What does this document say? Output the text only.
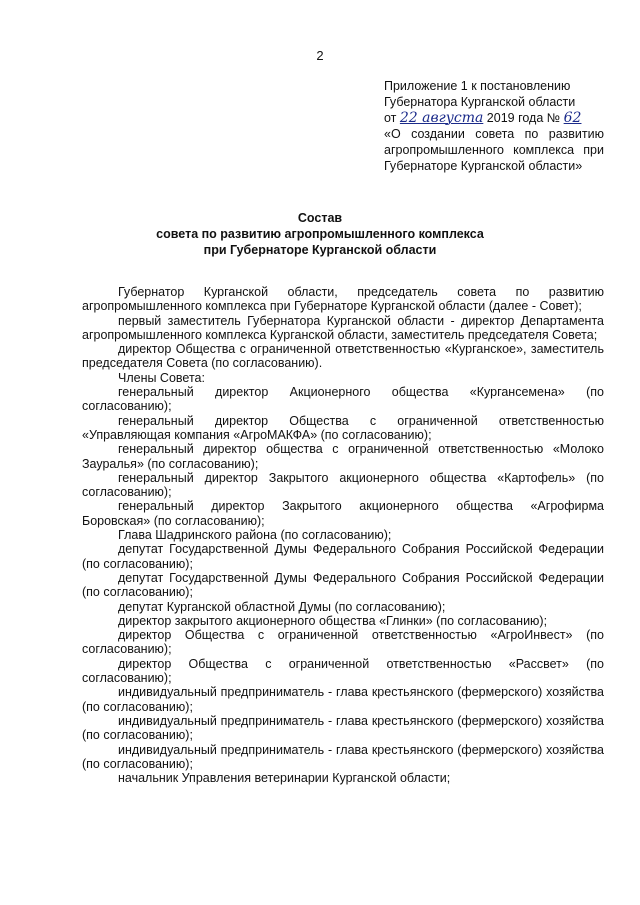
2
Приложение 1 к постановлению
Губернатора Курганской области
от 22 августа 2019 года № 62
«О создании совета по развитию
агропромышленного комплекса при
Губернаторе Курганской области»
Состав
совета по развитию агропромышленного комплекса
при Губернаторе Курганской области

Губернатор Курганской области, председатель совета по развитию агропромышленного комплекса при Губернаторе Курганской области (далее - Совет);

первый заместитель Губернатора Курганской области - директор Департамента агропромышленного комплекса Курганской области, заместитель председателя Совета;

директор Общества с ограниченной ответственностью «Курганское», заместитель председателя Совета (по согласованию).

Члены Совета:

генеральный директор Акционерного общества «Кургансемена» (по согласованию);

генеральный директор Общества с ограниченной ответственностью «Управляющая компания «АгроМАКФА» (по согласованию);

генеральный директор общества с ограниченной ответственностью «Молоко Зауралья» (по согласованию);

генеральный директор Закрытого акционерного общества «Картофель» (по согласованию);

генеральный директор Закрытого акционерного общества «Агрофирма Боровская» (по согласованию);

Глава Шадринского района (по согласованию);

депутат Государственной Думы Федерального Собрания Российской Федерации (по согласованию);

депутат Государственной Думы Федерального Собрания Российской Федерации (по согласованию);

депутат Курганской областной Думы (по согласованию);

директор закрытого акционерного общества «Глинки» (по согласованию);

директор Общества с ограниченной ответственностью «АгроИнвест» (по согласованию);

директор Общества с ограниченной ответственностью «Рассвет» (по согласованию);

индивидуальный предприниматель - глава крестьянского (фермерского) хозяйства (по согласованию);

индивидуальный предприниматель - глава крестьянского (фермерского) хозяйства (по согласованию);

индивидуальный предприниматель - глава крестьянского (фермерского) хозяйства (по согласованию);

начальник Управления ветеринарии Курганской области;
